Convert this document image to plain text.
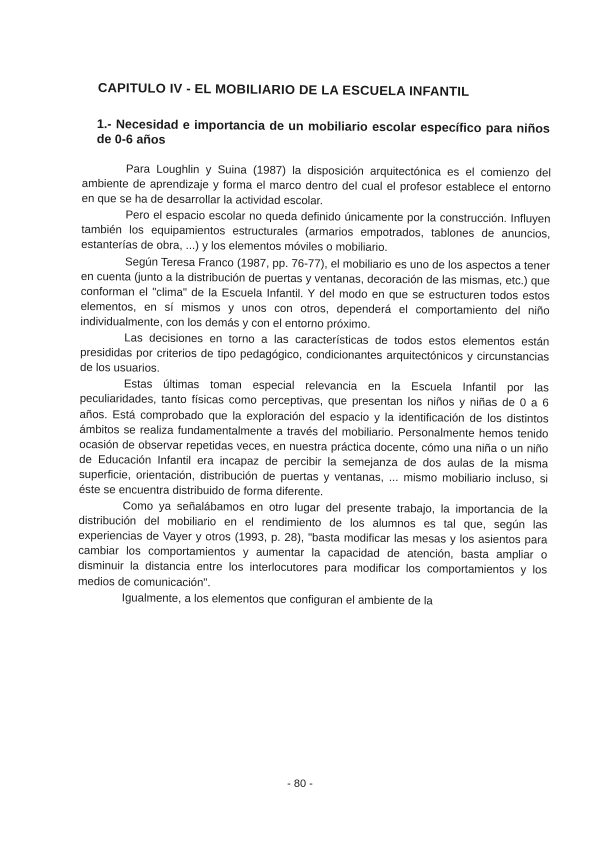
CAPITULO IV - EL MOBILIARIO DE LA ESCUELA INFANTIL
1.- Necesidad e importancia de un mobiliario escolar específico para niños de 0-6 años

Para Loughlin y Suina (1987) la disposición arquitectónica es el comienzo del ambiente de aprendizaje y forma el marco dentro del cual el profesor establece el entorno en que se ha de desarrollar la actividad escolar.

Pero el espacio escolar no queda definido únicamente por la construcción. Influyen también los equipamientos estructurales (armarios empotrados, tablones de anuncios, estanterías de obra, ...) y los elementos móviles o mobiliario.

Según Teresa Franco (1987, pp. 76-77), el mobiliario es uno de los aspectos a tener en cuenta (junto a la distribución de puertas y ventanas, decoración de las mismas, etc.) que conforman el "clima" de la Escuela Infantil. Y del modo en que se estructuren todos estos elementos, en sí mismos y unos con otros, dependerá el comportamiento del niño individualmente, con los demás y con el entorno próximo.

Las decisiones en torno a las características de todos estos elementos están presididas por criterios de tipo pedagógico, condicionantes arquitectónicos y circunstancias de los usuarios.

Estas últimas toman especial relevancia en la Escuela Infantil por las peculiaridades, tanto físicas como perceptivas, que presentan los niños y niñas de 0 a 6 años. Está comprobado que la exploración del espacio y la identificación de los distintos ámbitos se realiza fundamentalmente a través del mobiliario. Personalmente hemos tenido ocasión de observar repetidas veces, en nuestra práctica docente, cómo una niña o un niño de Educación Infantil era incapaz de percibir la semejanza de dos aulas de la misma superficie, orientación, distribución de puertas y ventanas, ... mismo mobiliario incluso, si éste se encuentra distribuido de forma diferente.

Como ya señalábamos en otro lugar del presente trabajo, la importancia de la distribución del mobiliario en el rendimiento de los alumnos es tal que, según las experiencias de Vayer y otros (1993, p. 28), "basta modificar las mesas y los asientos para cambiar los comportamientos y aumentar la capacidad de atención, basta ampliar o disminuir la distancia entre los interlocutores para modificar los comportamientos y los medios de comunicación".

Igualmente, a los elementos que configuran el ambiente de la

- 80 -
